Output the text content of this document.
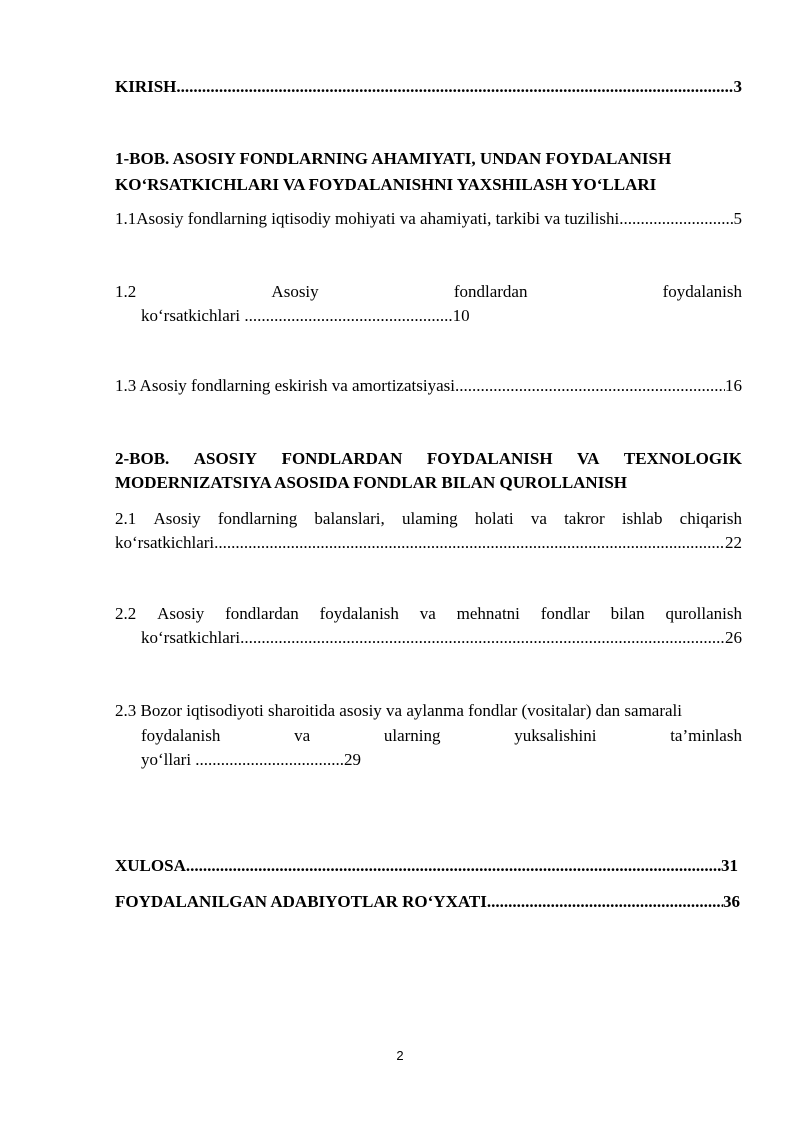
KIRISH .....	3
1-BOB. ASOSIY FONDLARNING AHAMIYATI, UNDAN FOYDALANISH
KO‘RSATKICHLARI VA FOYDALANISHNI YAXSHILASH YO‘LLARI
1.1 Asosiy fondlarning iqtisodiy mohiyati va ahamiyati, tarkibi va tuzilishi .....	5
1.2	Asosiy	fondlardan	foydalanish
ko‘rsatkichlari .................................................10
1.3 Asosiy fondlarning eskirish va amortizatsiyasi .....	16
2-BOB. ASOSIY FONDLARDAN FOYDALANISH VA TEXNOLOGIK
MODERNIZATSIYA ASOSIDA FONDLAR BILAN QUROLLANISH
2.1 Asosiy fondlarning balanslari, ulaming holati va takror ishlab chiqarish
ko‘rsatkichlari .....	22
2.2 Asosiy fondlardan foydalanish va mehnatni fondlar bilan qurollanish
ko‘rsatkichlari .....	26
2.3 Bozor iqtisodiyoti sharoitida asosiy va aylanma fondlar (vositalar) dan samarali
foydalanish	va	ularning	yuksalishini	ta’minlash
yo‘llari ...................................29
XULOSA .....	31
FOYDALANILGAN ADABIYOTLAR RO‘YXATI .....	36
2
